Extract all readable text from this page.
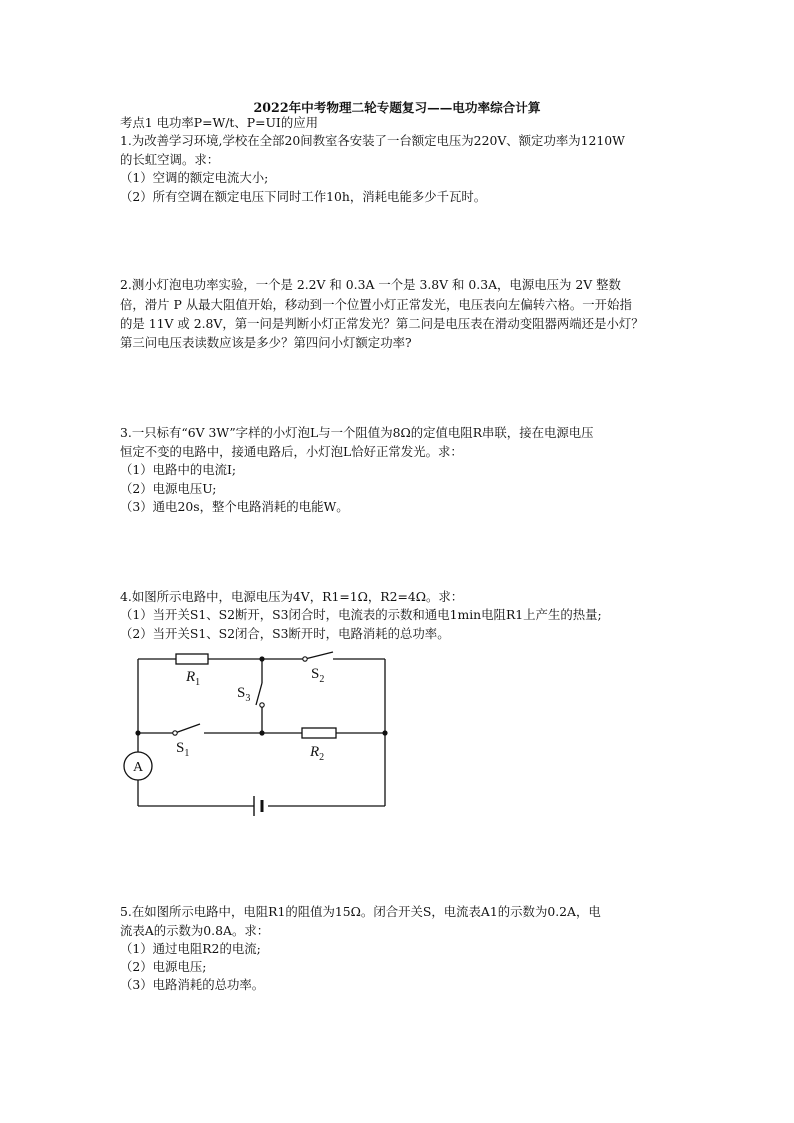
2022年中考物理二轮专题复习——电功率综合计算
考点1 电功率P=W/t、P=UI的应用
1.为改善学习环境,学校在全部20间教室各安装了一台额定电压为220V、额定功率为1210W
的长虹空调。求：
（1）空调的额定电流大小;
（2）所有空调在额定电压下同时工作10h，消耗电能多少千瓦时。
2.测小灯泡电功率实验，一个是 2.2V 和 0.3A 一个是 3.8V 和 0.3A，电源电压为 2V 整数
倍，滑片 P 从最大阻值开始，移动到一个位置小灯正常发光，电压表向左偏转六格。一开始指
的是 11V 或 2.8V，第一问是判断小灯正常发光？第二问是电压表在滑动变阻器两端还是小灯？
第三问电压表读数应该是多少？第四问小灯额定功率?
3.一只标有“6V 3W”字样的小灯泡L与一个阻值为8Ω的定值电阻R串联，接在电源电压
恒定不变的电路中，接通电路后，小灯泡L恰好正常发光。求：
（1）电路中的电流I;
（2）电源电压U;
（3）通电20s，整个电路消耗的电能W。
4.如图所示电路中，电源电压为4V，R1=1Ω，R2=4Ω。求：
（1）当开关S1、S2断开，S3闭合时，电流表的示数和通电1min电阻R1上产生的热量;
（2）当开关S1、S2闭合，S3断开时，电路消耗的总功率。
A
$R_1$
$S_2$
$S_3$
$S_1$	$R_2$
5.在如图所示电路中，电阻R1的阻值为15Ω。闭合开关S，电流表A1的示数为0.2A，电
流表A的示数为0.8A。求：
（1）通过电阻R2的电流;
（2）电源电压;
（3）电路消耗的总功率。
